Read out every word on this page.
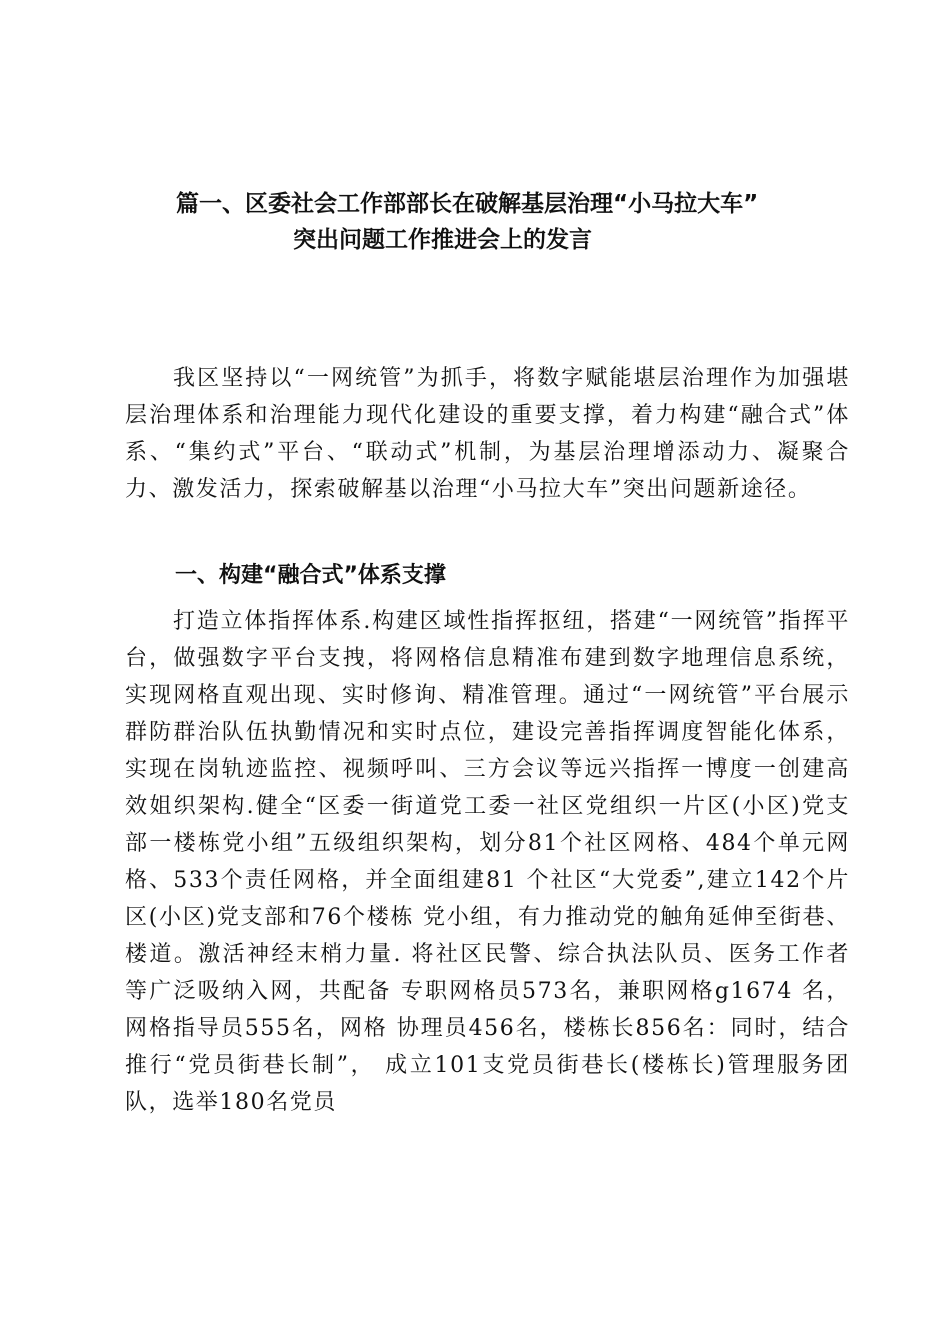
篇一、区委社会工作部部长在破解基层治理“小马拉大车”
突出问题工作推进会上的发言

我区坚持以“一网统管”为抓手，将数字赋能堪层治理作为加强堪层治理体系和治理能力现代化建设的重要支撑，着力构建“融合式”体系、“集约式”平台、“联动式”机制，为基层治理增添动力、凝聚合力、激发活力，探索破解基以治理“小马拉大车”突出问题新途径。

一、构建“融合式”体系支撑

打造立体指挥体系.构建区域性指挥抠纽，搭建“一网统管”指挥平台，做强数字平台支拽，将网格信息精准布建到数字地理信息系统，实现网格直观出现、实时修询、精准管理。通过“一网统管”平台展示群防群治队伍执勤情况和实时点位，建设完善指挥调度智能化体系，实现在岗轨迹监控、视频呼叫、三方会议等远兴指挥一博度一创建高效姐织架构.健全“区委一街道党工委一社区党组织一片区(小区)党支部一楼栋党小组”五级组织架构，划分81个社区网格、484个单元网格、533个责任网格，并全面组建81 个社区“大党委”,建立142个片区(小区)党支部和76个楼栋 党小组，有力推动党的触角延伸至街巷、楼道。激活神经末梢力量. 将社区民警、综合执法队员、医务工作者等广泛吸纳入网，共配备 专职网格员573名，兼职网格g1674 名，网格指导员555名，网格 协理员456名，楼栋长856名：同时，结合推行“党员街巷长制”， 成立101支党员街巷长(楼栋长)管理服务团队，选举180名党员
